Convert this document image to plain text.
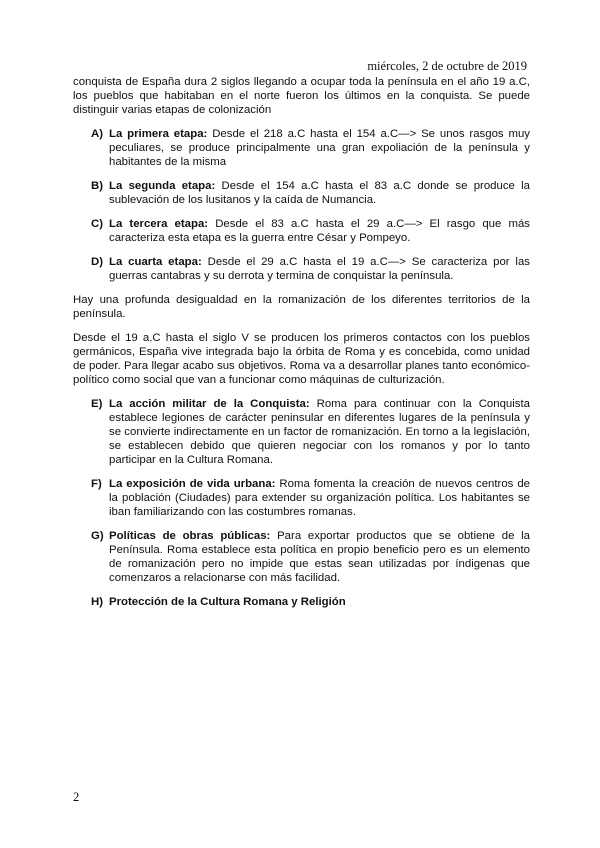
miércoles, 2 de octubre de 2019

conquista de España dura 2 siglos llegando a ocupar toda la península en el año 19 a.C, los pueblos que habitaban en el norte fueron los últimos en la conquista. Se puede distinguir varias etapas de colonización

A) La primera etapa: Desde el 218 a.C hasta el 154 a.C—> Se unos rasgos muy peculiares, se produce principalmente una gran expoliación de la península y habitantes de la misma
B) La segunda etapa: Desde el 154 a.C hasta el 83 a.C donde se produce la sublevación de los lusitanos y la caída de Numancia.
C) La tercera etapa: Desde el 83 a.C hasta el 29 a.C—> El rasgo que más caracteriza esta etapa es la guerra entre César y Pompeyo.
D) La cuarta etapa: Desde el 29 a.C hasta el 19 a.C—> Se caracteriza por las guerras cantabras y su derrota y termina de conquistar la península.

Hay una profunda desigualdad en la romanización de los diferentes territorios de la península.

Desde el 19 a.C hasta el siglo V se producen los primeros contactos con los pueblos germánicos, España vive integrada bajo la órbita de Roma y es concebida, como unidad de poder. Para llegar acabo sus objetivos. Roma va a desarrollar planes tanto económico-político como social que van a funcionar como máquinas de culturización.

E) La acción militar de la Conquista: Roma para continuar con la Conquista establece legiones de carácter peninsular en diferentes lugares de la península y se convierte indirectamente en un factor de romanización. En torno a la legislación, se establecen debido que quieren negociar con los romanos y por lo tanto participar en la Cultura Romana.
F) La exposición de vida urbana: Roma fomenta la creación de nuevos centros de la población (Ciudades) para extender su organización política. Los habitantes se iban familiarizando con las costumbres romanas.
G) Políticas de obras públicas: Para exportar productos que se obtiene de la Península. Roma establece esta política en propio beneficio pero es un elemento de romanización pero no impide que estas sean utilizadas por índigenas que comenzaros a relacionarse con más facilidad.
H) Protección de la Cultura Romana y Religión
2
